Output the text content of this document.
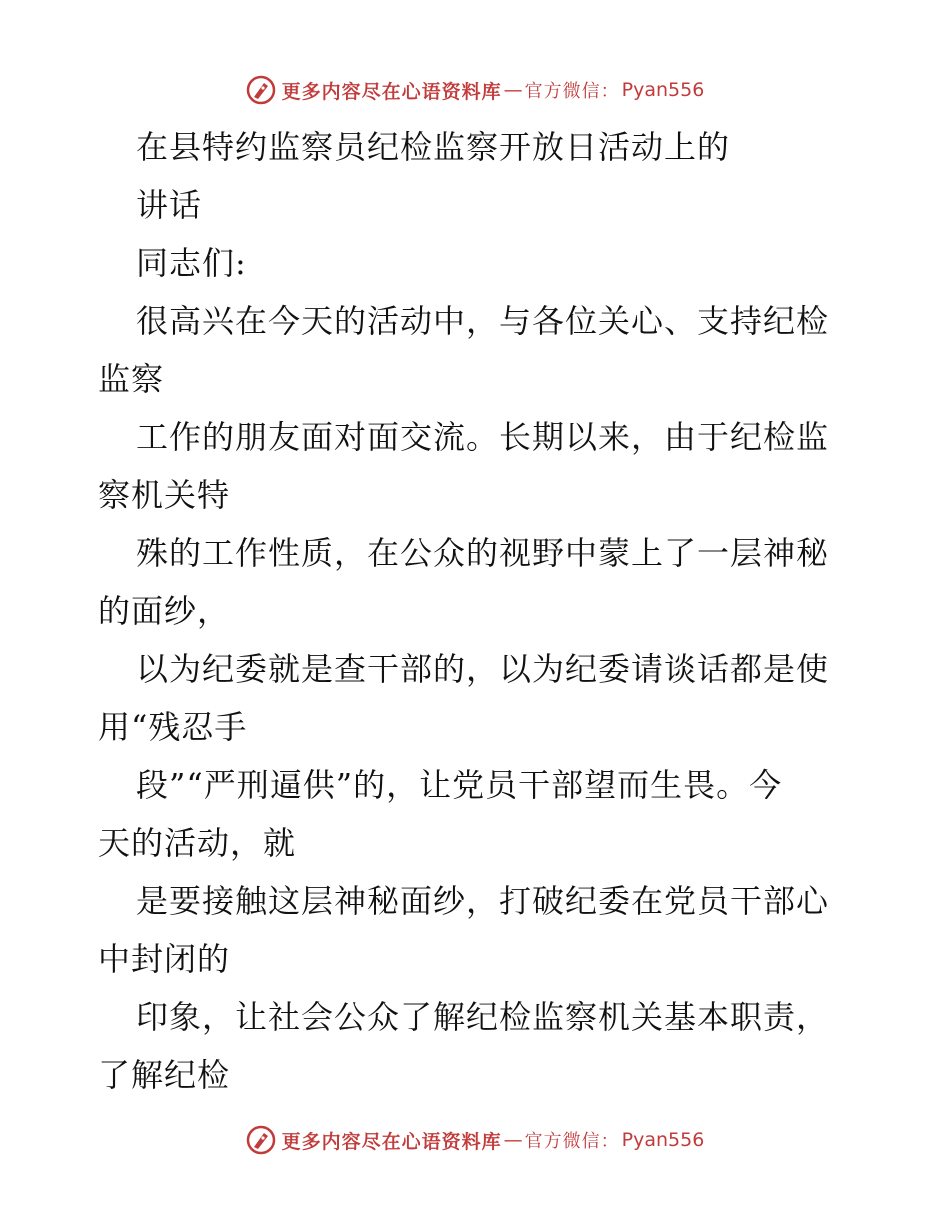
更多内容尽在心语资料库 — 官方微信： Pyan556
在县特约监察员纪检监察开放日活动上的
讲话
同志们:
很高兴在今天的活动中，与各位关心、支持纪检
监察
工作的朋友面对面交流。长期以来，由于纪检监
察机关特
殊的工作性质，在公众的视野中蒙上了一层神秘
的面纱，
以为纪委就是查干部的，以为纪委请谈话都是使
用“残忍手
段”“严刑逼供”的，让党员干部望而生畏。今
天的活动，就
是要接触这层神秘面纱，打破纪委在党员干部心
中封闭的
印象，让社会公众了解纪检监察机关基本职责，
了解纪检
更多内容尽在心语资料库 — 官方微信： Pyan556
